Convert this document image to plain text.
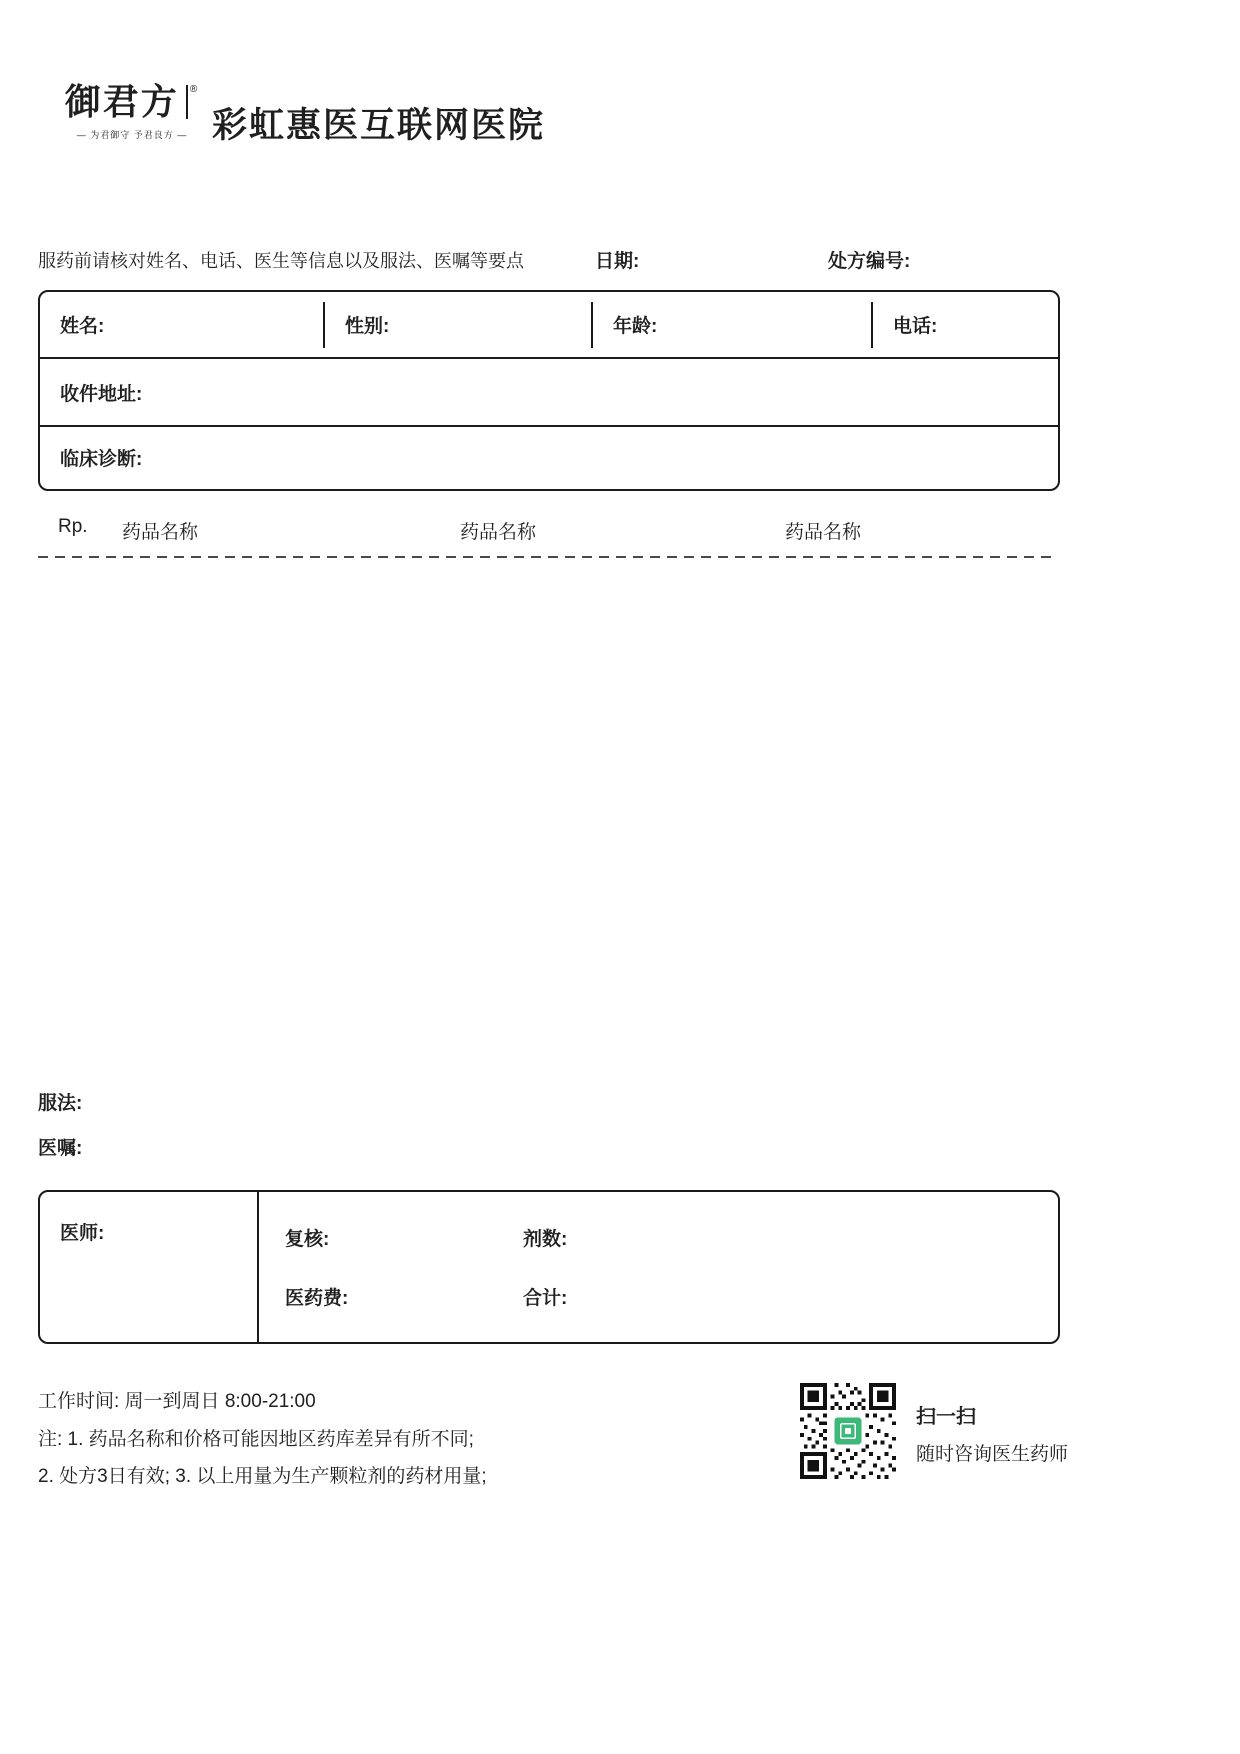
御君方 ®
— 为君御守 予君良方 — 彩虹惠医互联网医院
服药前请核对姓名、电话、医生等信息以及服法、医嘱等要点	日期:	处方编号:
姓名:	性别:	年龄:	电话:
收件地址:
临床诊断:
Rp. 药品名称	药品名称	药品名称
服法:
医嘱:
医师:	复核:	剂数:
医药费:	合计:
工作时间: 周一到周日 8:00-21:00
注: 1. 药品名称和价格可能因地区药库差异有所不同;
2. 处方3日有效; 3. 以上用量为生产颗粒剂的药材用量;
扫一扫
随时咨询医生药师
